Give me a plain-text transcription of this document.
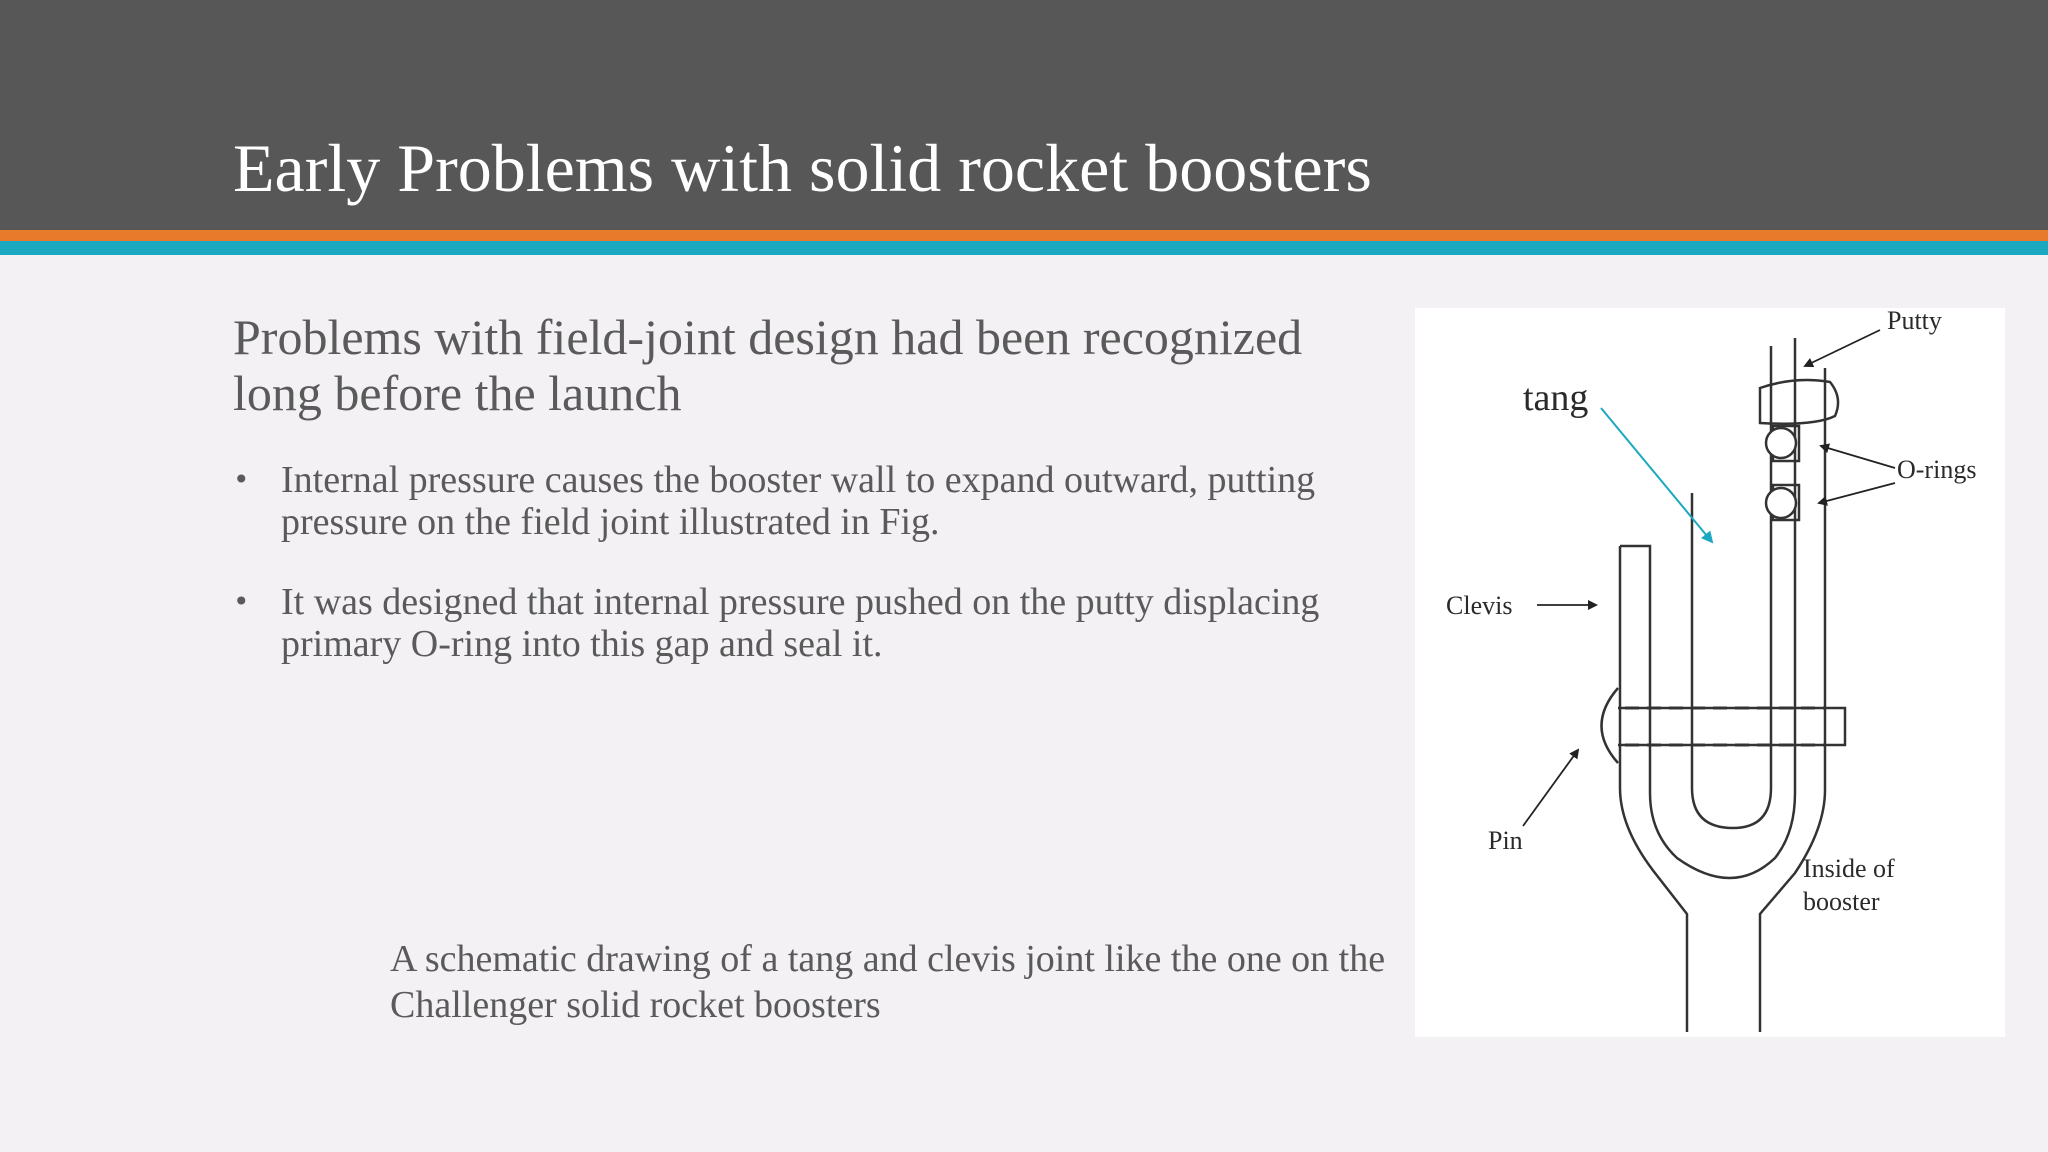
Early Problems with solid rocket boosters
Problems with field-joint design had been recognized long before the launch
• Internal pressure causes the booster wall to expand outward, putting pressure on the field joint illustrated in Fig.
• It was designed that internal pressure pushed on the putty displacing primary O-ring into this gap and seal it.
A schematic drawing of a tang and clevis joint like the one on the Challenger solid rocket boosters
Putty
tang
O-rings
Clevis
Pin
Inside of
booster
